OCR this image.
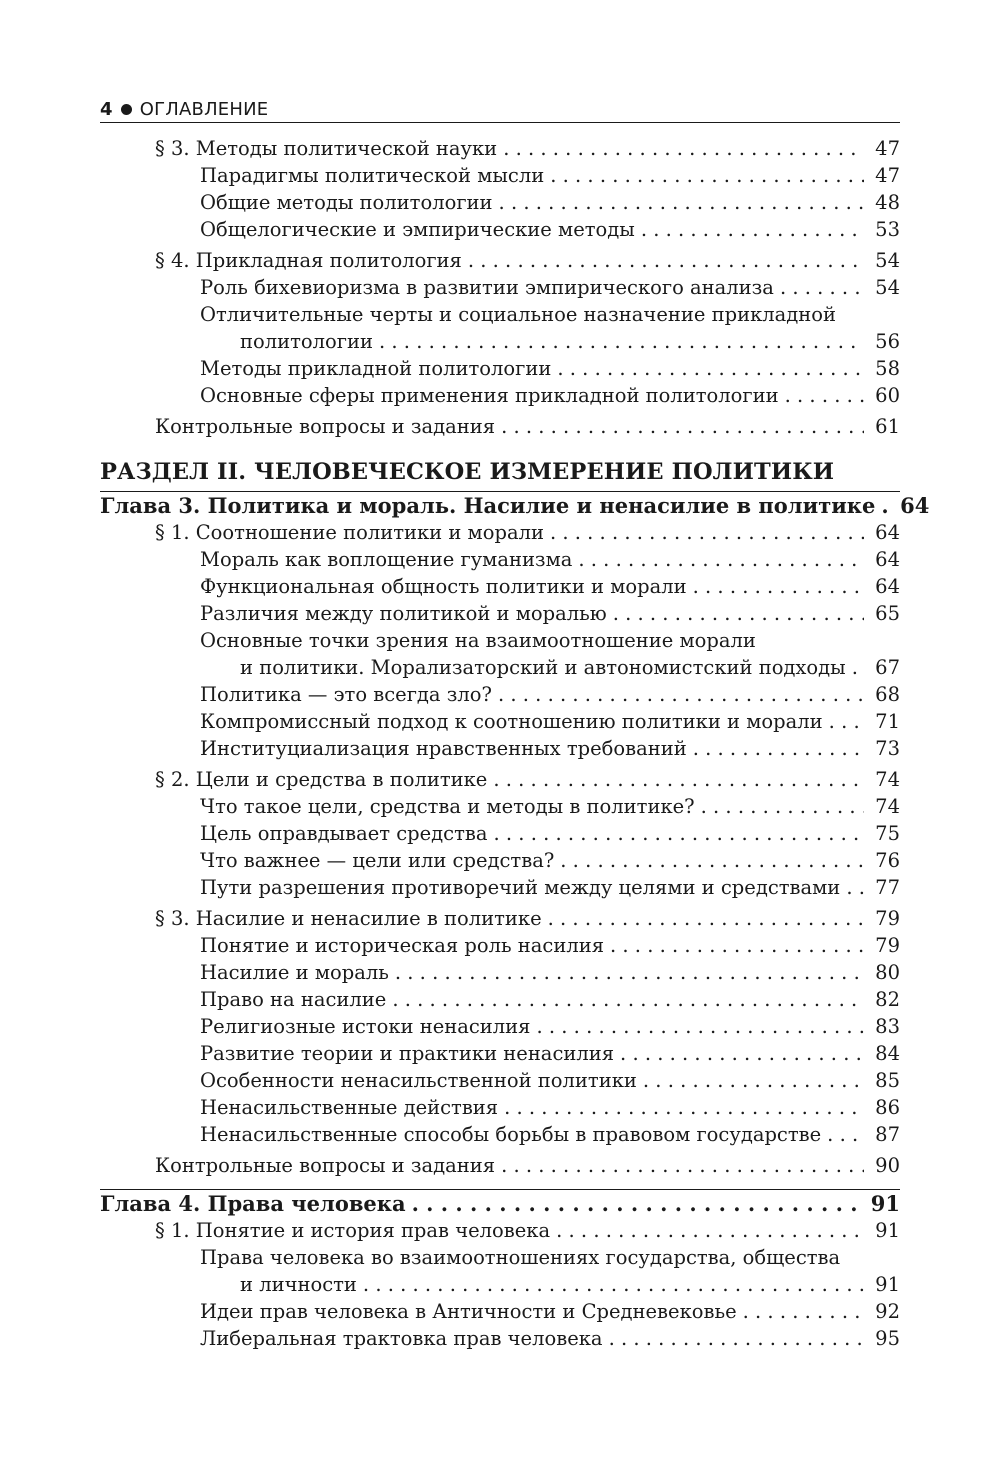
4 ОГЛАВЛЕНИЕ
§ 3. Методы политической науки . . .	47
Парадигмы политической мысли . . .	47
Общие методы политологии . . .	48
Общелогические и эмпирические методы . . .	53
§ 4. Прикладная политология . . .	54
Роль бихевиоризма в развитии эмпирического анализа . . .	54
Отличительные черты и социальное назначение прикладной
политологии . . .	56
Методы прикладной политологии . . .	58
Основные сферы применения прикладной политологии . . .	60
Контрольные вопросы и задания . . .	61
РАЗДЕЛ II. ЧЕЛОВЕЧЕСКОЕ ИЗМЕРЕНИЕ ПОЛИТИКИ
Глава 3. Политика и мораль. Насилие и ненасилие в политике . . . 64
§ 1. Соотношение политики и морали . . .	64
Мораль как воплощение гуманизма . . .	64
Функциональная общность политики и морали . . .	64
Различия между политикой и моралью . . .	65
Основные точки зрения на взаимоотношение морали
и политики. Морализаторский и автономистский подходы . . . 67
Политика — это всегда зло? . . .	68
Компромиссный подход к соотношению политики и морали . . .	71
Институциализация нравственных требований . . .	73
§ 2. Цели и средства в политике . . .	74
Что такое цели, средства и методы в политике? . . .	74
Цель оправдывает средства . . .	75
Что важнее — цели или средства? . . .	76
Пути разрешения противоречий между целями и средствами . . . 77
§ 3. Насилие и ненасилие в политике . . .	79
Понятие и историческая роль насилия . . .	79
Насилие и мораль . . .	80
Право на насилие . . .	82
Религиозные истоки ненасилия . . .	83
Развитие теории и практики ненасилия . . .	84
Особенности ненасильственной политики . . .	85
Ненасильственные действия . . .	86
Ненасильственные способы борьбы в правовом государстве . . .	87
Контрольные вопросы и задания . . .	90
Глава 4. Права человека . . .	91
§ 1. Понятие и история прав человека . . .	91
Права человека во взаимоотношениях государства, общества
и личности . . .	91
Идеи прав человека в Античности и Средневековье . . .	92
Либеральная трактовка прав человека . . .	95
